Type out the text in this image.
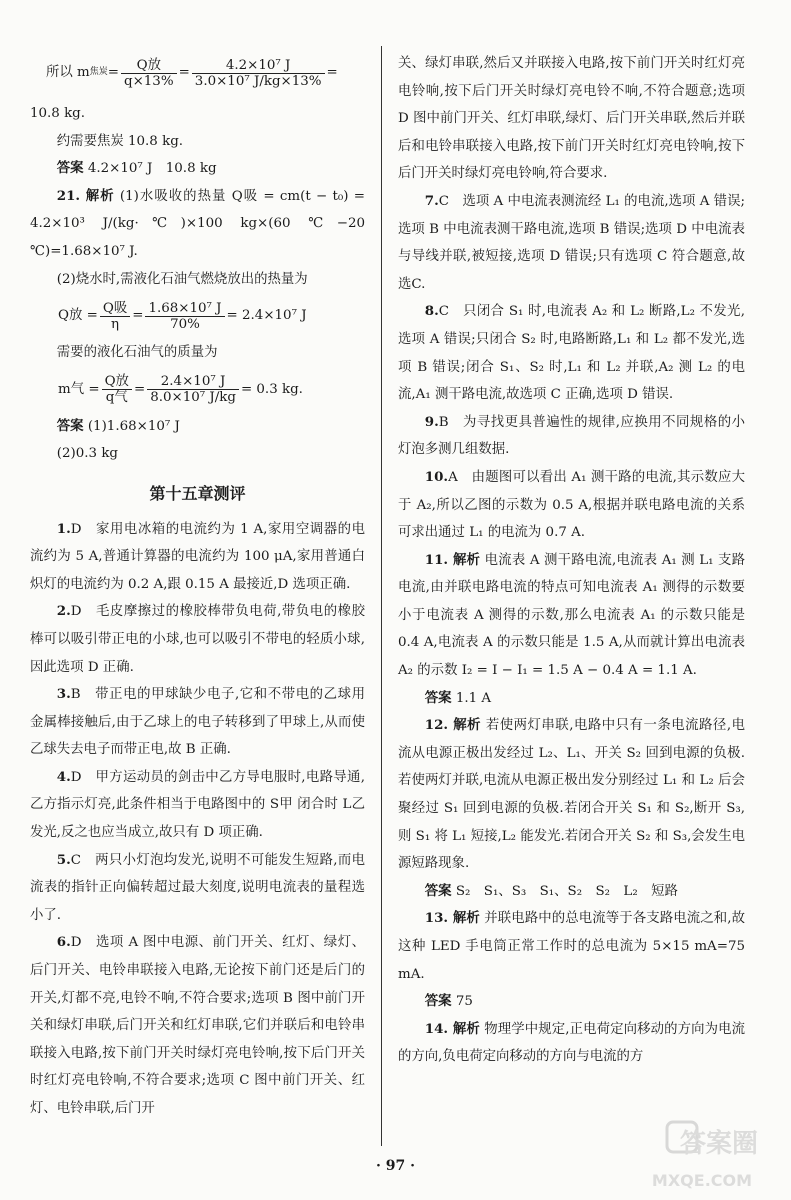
所以 m 焦炭 = $\frac{\text{Q放}}{q\times 13\%} = \frac{\text{4.2×10⁷ J}}{\text{3.0×10⁷ J/kg×13\%}}$ =

10.8 kg.

约需要焦炭 10.8 kg.

答案 4.2×10⁷ J　10.8 kg

21. 解析 (1)水吸收的热量 Q吸 = cm(t − t₀) = 4.2×10³ J/(kg·℃)×100 kg×(60 ℃−20 ℃)=1.68×10⁷ J.

(2)烧水时,需液化石油气燃烧放出的热量为

Q放 = $\frac{\text{Q吸}}{\eta} = \frac{\text{1.68×10⁷ J}}{70\%} = 2.4\times 10^7$ J

需要的液化石油气的质量为

m气 = $\frac{\text{Q放}}{\text{q气}} = \frac{\text{2.4×10⁷ J}}{\text{8.0×10⁷ J/kg}} = 0.3$ kg.

答案 (1)1.68×10⁷ J

(2)0.3 kg

第十五章测评

1.D　家用电冰箱的电流约为 1 A,家用空调器的电流约为 5 A,普通计算器的电流约为 100 μA,家用普通白炽灯的电流约为 0.2 A,跟 0.15 A 最接近,D 选项正确.

2.D　毛皮摩擦过的橡胶棒带负电荷,带负电的橡胶棒可以吸引带正电的小球,也可以吸引不带电的轻质小球,因此选项 D 正确.

3.B　带正电的甲球缺少电子,它和不带电的乙球用金属棒接触后,由于乙球上的电子转移到了甲球上,从而使乙球失去电子而带正电,故 B 正确.

4.D　甲方运动员的剑击中乙方导电服时,电路导通,乙方指示灯亮,此条件相当于电路图中的 S甲 闭合时 L乙 发光,反之也应当成立,故只有 D 项正确.

5.C　两只小灯泡均发光,说明不可能发生短路,而电流表的指针正向偏转超过最大刻度,说明电流表的量程选小了.

6.D　选项 A 图中电源、前门开关、红灯、绿灯、后门开关、电铃串联接入电路,无论按下前门还是后门的开关,灯都不亮,电铃不响,不符合要求;选项 B 图中前门开关和绿灯串联,后门开关和红灯串联,它们并联后和电铃串联接入电路,按下前门开关时绿灯亮电铃响,按下后门开关时红灯亮电铃响,不符合要求;选项 C 图中前门开关、红灯、电铃串联,后门开

关、绿灯串联,然后又并联接入电路,按下前门开关时红灯亮电铃响,按下后门开关时绿灯亮电铃不响,不符合题意;选项 D 图中前门开关、红灯串联,绿灯、后门开关串联,然后并联后和电铃串联接入电路,按下前门开关时红灯亮电铃响,按下后门开关时绿灯亮电铃响,符合要求.

7.C　选项 A 中电流表测流经 L₁ 的电流,选项 A 错误;选项 B 中电流表测干路电流,选项 B 错误;选项 D 中电流表与导线并联,被短接,选项 D 错误;只有选项 C 符合题意,故选C.

8.C　只闭合 S₁ 时,电流表 A₂ 和 L₂ 断路,L₂ 不发光,选项 A 错误;只闭合 S₂ 时,电路断路,L₁ 和 L₂ 都不发光,选项 B 错误;闭合 S₁、S₂ 时,L₁ 和 L₂ 并联,A₂ 测 L₂ 的电流,A₁ 测干路电流,故选项 C 正确,选项 D 错误.

9.B　为寻找更具普遍性的规律,应换用不同规格的小灯泡多测几组数据.

10.A　由题图可以看出 A₁ 测干路的电流,其示数应大于 A₂,所以乙图的示数为 0.5 A,根据并联电路电流的关系可求出通过 L₁ 的电流为 0.7 A.

11. 解析 电流表 A 测干路电流,电流表 A₁ 测 L₁ 支路电流,由并联电路电流的特点可知电流表 A₁ 测得的示数要小于电流表 A 测得的示数,那么电流表 A₁ 的示数只能是 0.4 A,电流表 A 的示数只能是 1.5 A,从而就计算出电流表 A₂ 的示数 I₂ = I − I₁ = 1.5 A − 0.4 A = 1.1 A.

答案 1.1 A

12. 解析 若使两灯串联,电路中只有一条电流路径,电流从电源正极出发经过 L₂、L₁、开关 S₂ 回到电源的负极.若使两灯并联,电流从电源正极出发分别经过 L₁ 和 L₂ 后会聚经过 S₁ 回到电源的负极.若闭合开关 S₁ 和 S₂,断开 S₃,则 S₁ 将 L₁ 短接,L₂ 能发光.若闭合开关 S₂ 和 S₃,会发生电源短路现象.

答案 S₂　S₁、S₃　S₁、S₂　S₂　L₂　短路

13. 解析 并联电路中的总电流等于各支路电流之和,故这种 LED 手电筒正常工作时的总电流为 5×15 mA=75 mA.

答案 75

14. 解析 物理学中规定,正电荷定向移动的方向为电流的方向,负电荷定向移动的方向与电流的方

· 97 ·
答案圈
MXQE.COM
